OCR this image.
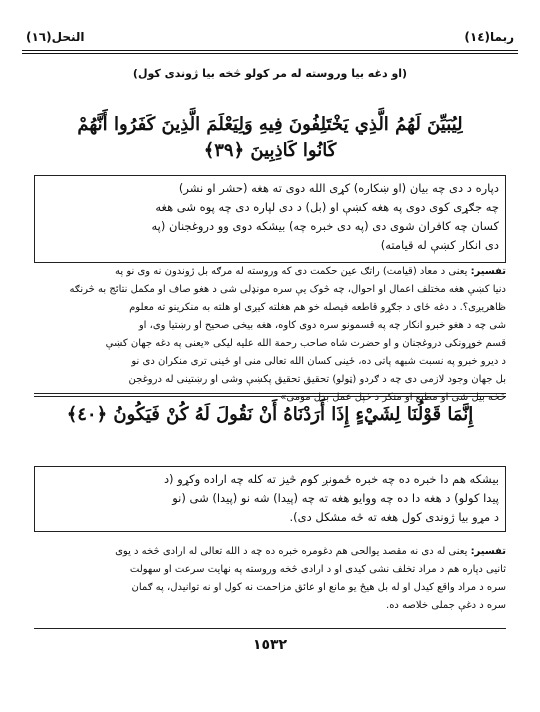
النحل(١٦)	ربما(١٤)
(او دغه بیا وروسته له مر کولو څخه بیا ژوندی کول)
لِيُبَيِّنَ لَهُمُ الَّذِي يَخْتَلِفُونَ فِيهِ وَلِيَعْلَمَ الَّذِينَ كَفَرُوا أَنَّهُمْ كَانُوا كَاذِبِينَ ﴿٣٩﴾
دپاره د دی چه بیان (او ښکاره) کړی الله دوی ته هغه (حشر او نشر)
چه جګړی کوی دوی په هغه کښې او (بل) د دی لپاره دی چه پوه شی هغه
کسان چه کافران شوی دی (په دی خبره چه) بیشکه دوی وو دروغجنان (په
دی انکار کښې له قیامته)
تفسیر: یعنی د معاد (قیامت) راتګ عین حکمت دی که وروسته له مرګه بل ژوندون نه وی نو په
دنیا کښې هغه مختلف اعمال او احوال، چه څوک یې سره مونډلی شی د هغو صاف او مکمل نتائج به څرنګه
ظاهریږی؟. د دغه ځای د جګړو قاطعه فیصله خو هم هغلته کیږی او هلته به منکرینو ته معلوم
شی چه د هغو خبرو انکار چه په قسمونو سره دوی کاوه، هغه بیخی صحیح او رښتیا وی، او
قسم خوړونکی دروغجنان و او حضرت شاه صاحب رحمة الله علیه لیکی «یعنی په دغه جهان کښې
د دیرو خبرو په نسبت شبهه پاتی ده، ځینی کسان الله تعالی منی او ځینی تری منکران دی نو
بل جهان وجود لازمی دی چه د ګردو (ټولو) تحقیق تحقیق پکښې وشی او رښتینی له دروغجن
څخه بیل شی او مطیع او منکر د خپل عمل بدل مومی»
إِنَّمَا قَوْلُنَا لِشَيْءٍ إِذَا أَرَدْنَاهُ أَنْ نَقُولَ لَهُ كُنْ فَيَكُونُ ﴿٤٠﴾
بیشکه هم دا خبره ده چه خبره ځمونږ کوم څیز ته کله چه اراده وکړو (د
پیدا کولو) د هغه دا ده چه ووایو هغه ته چه (پیدا) شه نو (پیدا) شی (نو
د مړو بیا ژوندی کول هغه ته څه مشکل دی).
تفسیر: یعنی له دی نه مقصد یوالحی هم دغومره خبره ده چه د الله تعالی له ارادی څخه د یوی
ثانیی دپاره هم د مراد تخلف نشی کیدی او د ارادی څخه وروسته په نهایت سرعت او سهولت
سره د مراد واقع کیدل او له بل هیڅ یو مانع او عائق مزاحمت نه کول او نه توانیدل، په ګمان
سره د دغې جملی خلاصه ده.
١٥٣٢
